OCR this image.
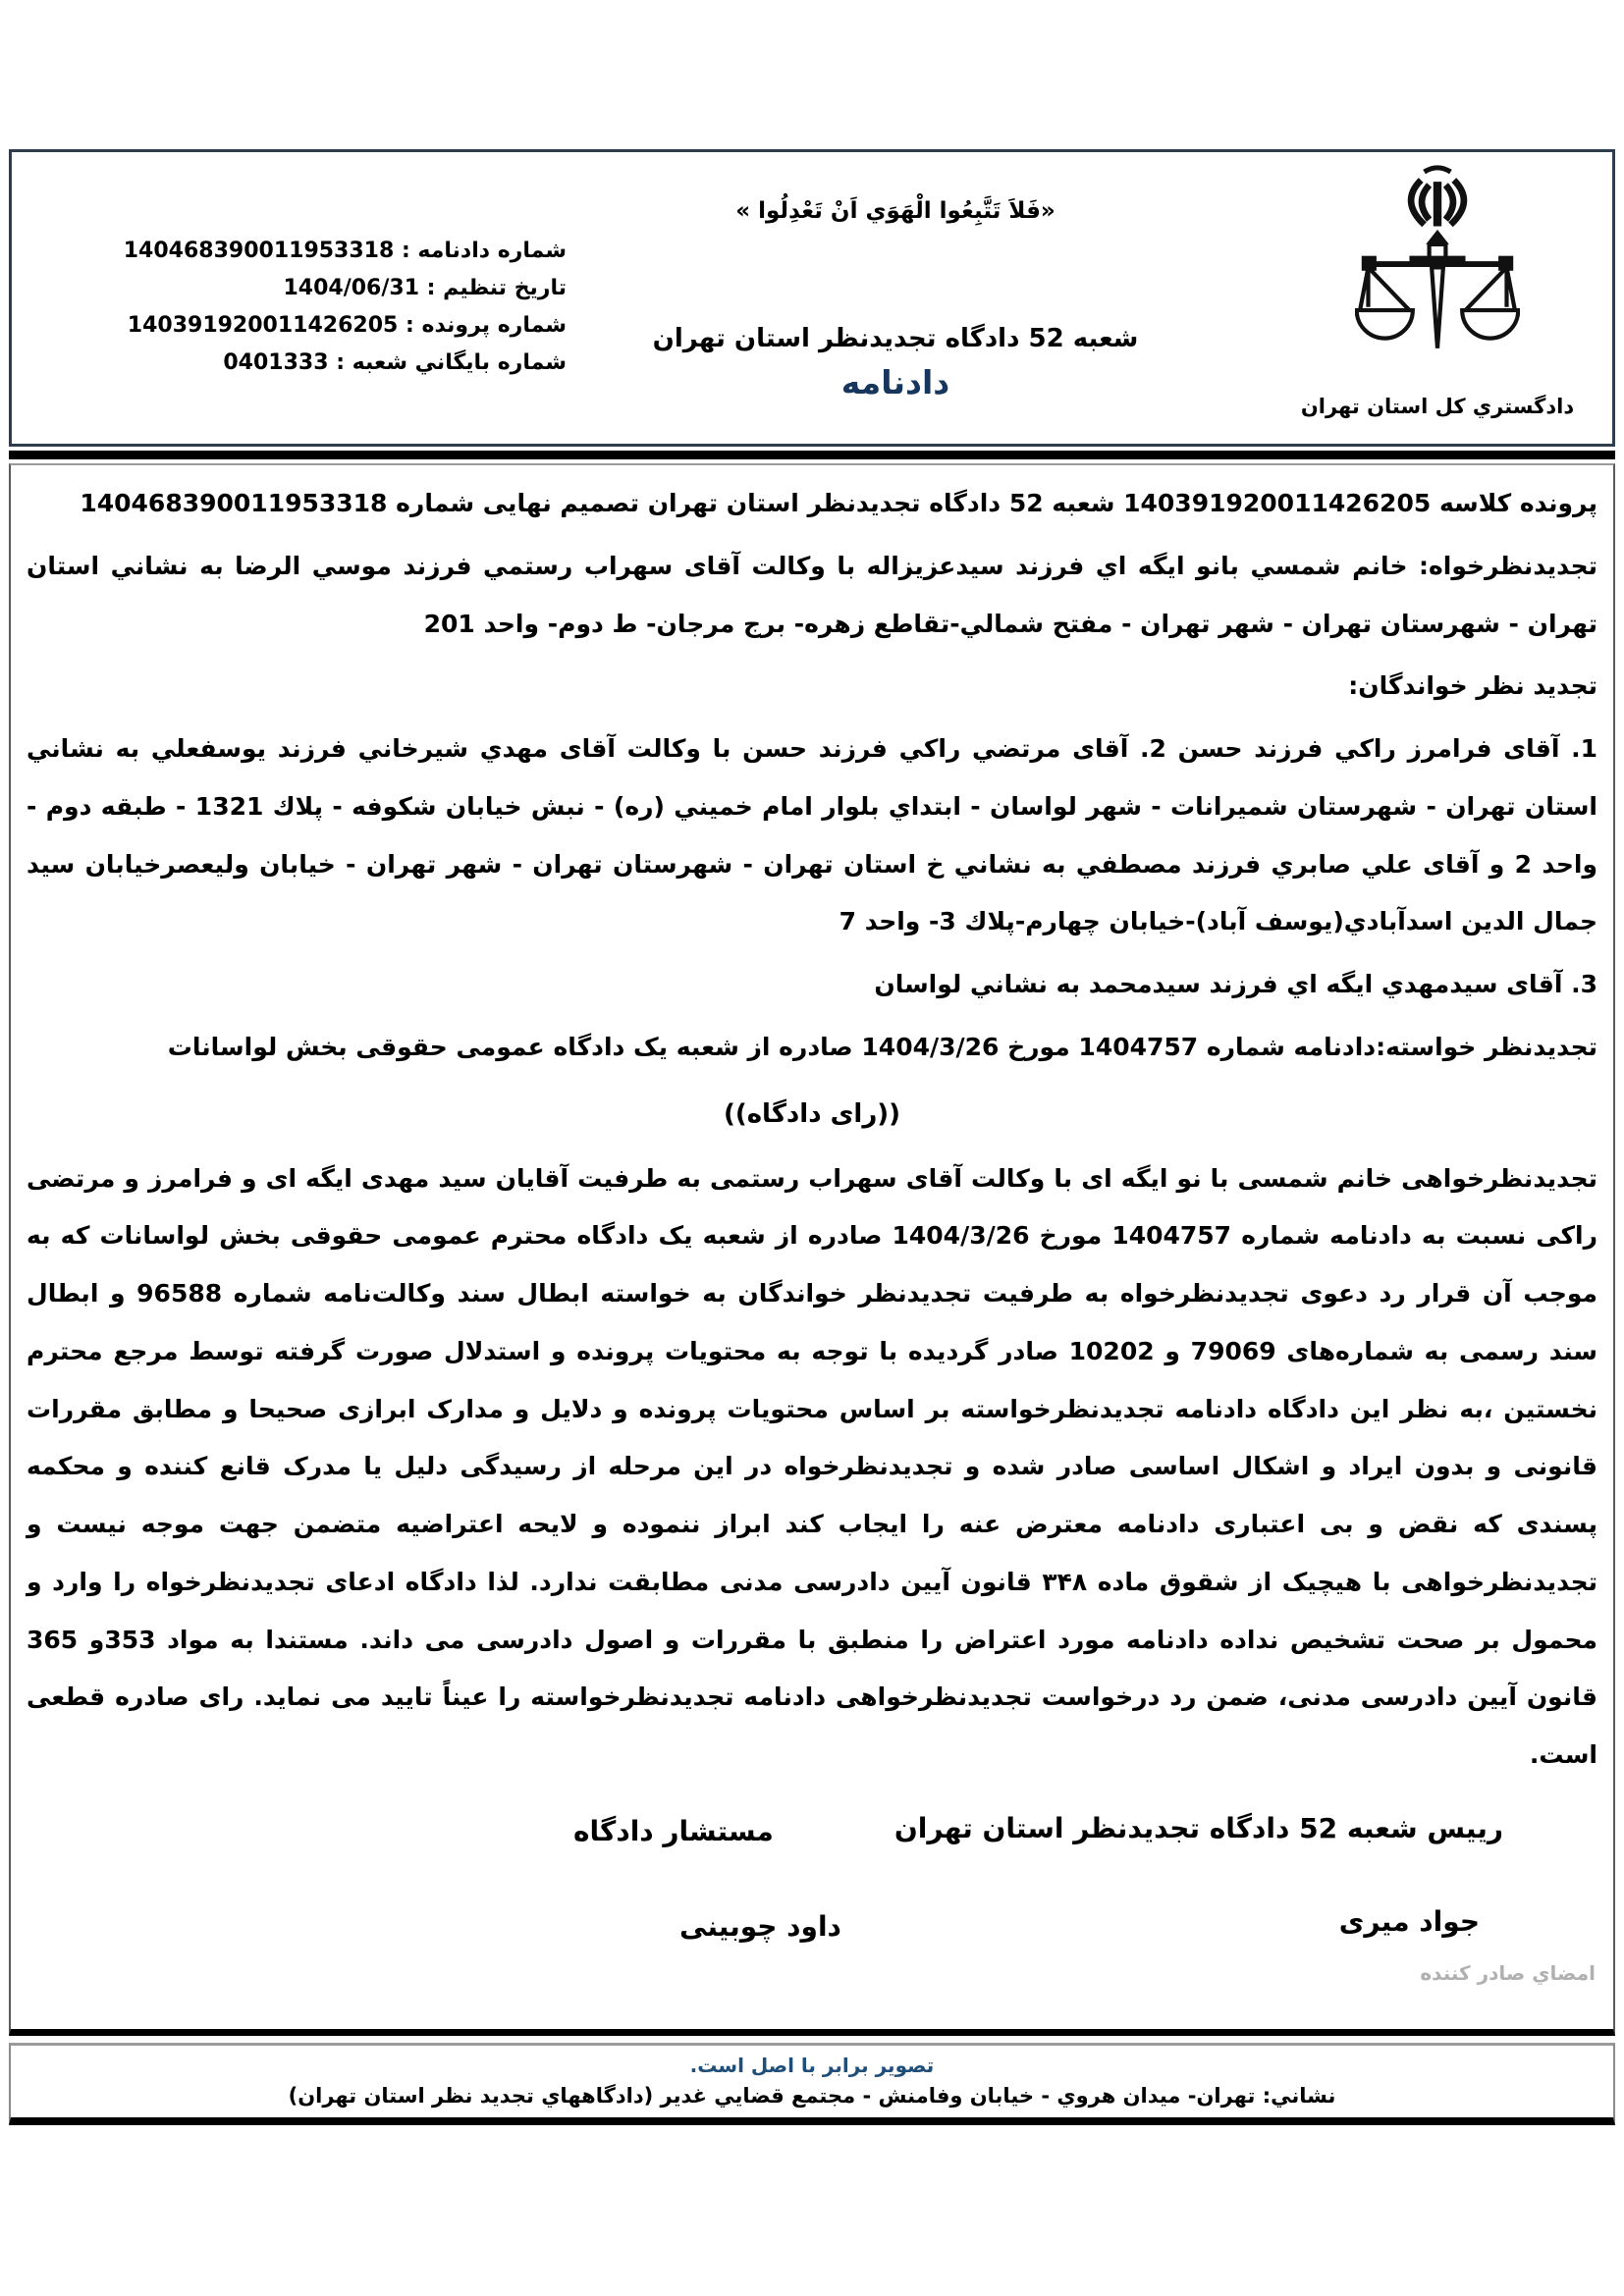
«فَلاَ تَتَّبِعُوا الْهَوَي اَنْ تَعْدِلُوا »
شعبه 52 دادگاه تجديدنظر استان تهران
دادنامه
دادگستري کل استان تهران
شماره دادنامه : 140468390011953318
تاريخ تنظيم : 1404/06/31
شماره پرونده : 140391920011426205
شماره بايگاني شعبه : 0401333

پرونده کلاسه 140391920011426205 شعبه 52 دادگاه تجديدنظر استان تهران تصميم نهايی شماره 140468390011953318

تجديدنظرخواه: خانم شمسي بانو ايگه اي فرزند سيدعزيزاله با وکالت آقای سهراب رستمي فرزند موسي الرضا به نشاني استان تهران - شهرستان تهران - شهر تهران - مفتح شمالي-تقاطع زهره- برج مرجان- ط دوم- واحد 201

تجديد نظر خواندگان:

1. آقای فرامرز راكي فرزند حسن 2. آقای مرتضي راكي فرزند حسن با وکالت آقای مهدي شيرخاني فرزند يوسفعلي به نشاني استان تهران - شهرستان شميرانات - شهر لواسان - ابتداي بلوار امام خميني (ره) - نبش خيابان شكوفه - پلاك 1321 - طبقه دوم - واحد 2 و آقای علي صابري فرزند مصطفي به نشاني خ استان تهران - شهرستان تهران - شهر تهران - خيابان وليعصرخيابان سيد جمال الدين اسدآبادي(يوسف آباد)-خيابان چهارم-پلاك 3- واحد 7

3. آقای سيدمهدي ايگه اي فرزند سيدمحمد به نشاني لواسان

تجديدنظر خواسته:دادنامه شماره 1404757 مورخ 1404/3/26 صادره از شعبه يک دادگاه عمومی حقوقی بخش لواسانات

((رای دادگاه))

تجدیدنظرخواهی خانم شمسی با نو ایگه ای با وکالت آقای سهراب رستمی به طرفیت آقایان سید مهدی ایگه ای و فرامرز و مرتضی راکی نسبت به دادنامه شماره 1404757 مورخ 1404/3/26 صادره از شعبه یک دادگاه محترم عمومی حقوقی بخش لواسانات که به موجب آن قرار رد دعوی تجدیدنظرخواه به طرفیت تجدیدنظر خواندگان به خواسته ابطال سند وکالت‌نامه شماره 96588 و ابطال سند رسمی به شماره‌های 79069 و 10202 صادر گردیده با توجه به محتویات پرونده و استدلال صورت گرفته توسط مرجع محترم نخستین ،به نظر این دادگاه دادنامه تجدیدنظرخواسته بر اساس محتویات پرونده و دلایل و مدارک ابرازی صحیحا و مطابق مقررات قانونی و بدون ایراد و اشکال اساسی صادر شده و تجدیدنظرخواه در این مرحله از رسیدگی دلیل یا مدرک قانع کننده و محکمه پسندی که نقض و بی اعتباری دادنامه معترض عنه را ایجاب کند ابراز ننموده و لایحه اعتراضیه متضمن جهت موجه نیست و تجدیدنظرخواهی با هیچیک از شقوق ماده ۳۴۸ قانون آیین دادرسی مدنی مطابقت ندارد. لذا دادگاه ادعای تجدیدنظرخواه را وارد و محمول بر صحت تشخیص نداده دادنامه مورد اعتراض را منطبق با مقررات و اصول دادرسی می داند. مستندا به مواد 353و 365 قانون آیین دادرسی مدنی، ضمن رد درخواست تجدیدنظرخواهی دادنامه تجدیدنظرخواسته را عیناً تایید می نماید. رای صادره قطعی است.

ريیس شعبه 52 دادگاه تجديدنظر استان تهران
مستشار دادگاه
جواد میری
داود چوبینی
امضاي صادر كننده
تصوير برابر با اصل است.
نشاني: تهران- ميدان هروي - خيابان وفامنش - مجتمع قضايي غدير (دادگاههاي تجديد نظر استان تهران)
